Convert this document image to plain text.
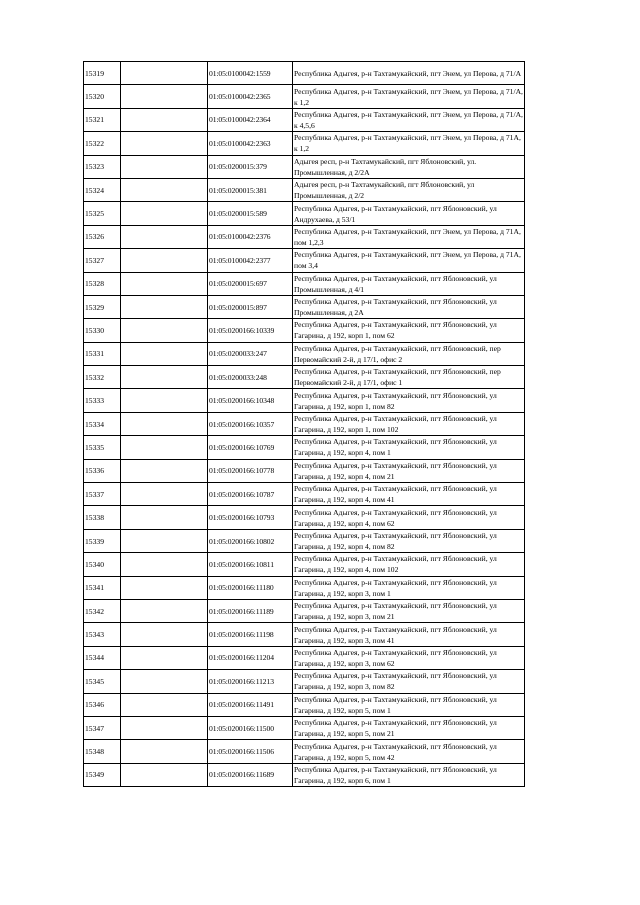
15319		01:05:0100042:1559	Республика Адыгея, р-н Тахтамукайский, пгт Энем, ул Перова, д 71/А
15320		01:05:0100042:2365	Республика Адыгея, р-н Тахтамукайский, пгт Энем, ул Перова, д 71/А, к 1,2
15321		01:05:0100042:2364	Республика Адыгея, р-н Тахтамукайский, пгт Энем, ул Перова, д 71/А, к 4,5,6
15322		01:05:0100042:2363	Республика Адыгея, р-н Тахтамукайский, пгт Энем, ул Перова, д 71А, к 1,2
15323		01:05:0200015:379	Адыгея респ, р-н Тахтамукайский, пгт Яблоновский, ул. Промышленная, д 2/2А
15324		01:05:0200015:381	Адыгея респ, р-н Тахтамукайский, пгт Яблоновский, ул Промышленная, д 2/2
15325		01:05:0200015:589	Республика Адыгея, р-н Тахтамукайский, пгт Яблоновский, ул Андрухаева, д 53/1
15326		01:05:0100042:2376	Республика Адыгея, р-н Тахтамукайский, пгт Энем, ул Перова, д 71А, пом 1,2,3
15327		01:05:0100042:2377	Республика Адыгея, р-н Тахтамукайский, пгт Энем, ул Перова, д 71А, пом 3,4
15328		01:05:0200015:697	Республика Адыгея, р-н Тахтамукайский, пгт Яблоновский, ул Промышленная, д 4/1
15329		01:05:0200015:897	Республика Адыгея, р-н Тахтамукайский, пгт Яблоновский, ул Промышленная, д 2А
15330		01:05:0200166:10339	Республика Адыгея, р-н Тахтамукайский, пгт Яблоновский, ул Гагарина, д 192, корп 1, пом 62
15331		01:05:0200033:247	Республика Адыгея, р-н Тахтамукайский, пгт Яблоновский, пер Первомайский 2-й, д 17/1, офис 2
15332		01:05:0200033:248	Республика Адыгея, р-н Тахтамукайский, пгт Яблоновский, пер Первомайский 2-й, д 17/1, офис 1
15333		01:05:0200166:10348	Республика Адыгея, р-н Тахтамукайский, пгт Яблоновский, ул Гагарина, д 192, корп 1, пом 82
15334		01:05:0200166:10357	Республика Адыгея, р-н Тахтамукайский, пгт Яблоновский, ул Гагарина, д 192, корп 1, пом 102
15335		01:05:0200166:10769	Республика Адыгея, р-н Тахтамукайский, пгт Яблоновский, ул Гагарина, д 192, корп 4, пом 1
15336		01:05:0200166:10778	Республика Адыгея, р-н Тахтамукайский, пгт Яблоновский, ул Гагарина, д 192, корп 4, пом 21
15337		01:05:0200166:10787	Республика Адыгея, р-н Тахтамукайский, пгт Яблоновский, ул Гагарина, д 192, корп 4, пом 41
15338		01:05:0200166:10793	Республика Адыгея, р-н Тахтамукайский, пгт Яблоновский, ул Гагарина, д 192, корп 4, пом 62
15339		01:05:0200166:10802	Республика Адыгея, р-н Тахтамукайский, пгт Яблоновский, ул Гагарина, д 192, корп 4, пом 82
15340		01:05:0200166:10811	Республика Адыгея, р-н Тахтамукайский, пгт Яблоновский, ул Гагарина, д 192, корп 4, пом 102
15341		01:05:0200166:11180	Республика Адыгея, р-н Тахтамукайский, пгт Яблоновский, ул Гагарина, д 192, корп 3, пом 1
15342		01:05:0200166:11189	Республика Адыгея, р-н Тахтамукайский, пгт Яблоновский, ул Гагарина, д 192, корп 3, пом 21
15343		01:05:0200166:11198	Республика Адыгея, р-н Тахтамукайский, пгт Яблоновский, ул Гагарина, д 192, корп 3, пом 41
15344		01:05:0200166:11204	Республика Адыгея, р-н Тахтамукайский, пгт Яблоновский, ул Гагарина, д 192, корп 3, пом 62
15345		01:05:0200166:11213	Республика Адыгея, р-н Тахтамукайский, пгт Яблоновский, ул Гагарина, д 192, корп 3, пом 82
15346		01:05:0200166:11491	Республика Адыгея, р-н Тахтамукайский, пгт Яблоновский, ул Гагарина, д 192, корп 5, пом 1
15347		01:05:0200166:11500	Республика Адыгея, р-н Тахтамукайский, пгт Яблоновский, ул Гагарина, д 192, корп 5, пом 21
15348		01:05:0200166:11506	Республика Адыгея, р-н Тахтамукайский, пгт Яблоновский, ул Гагарина, д 192, корп 5, пом 42
15349		01:05:0200166:11689	Республика Адыгея, р-н Тахтамукайский, пгт Яблоновский, ул Гагарина, д 192, корп 6, пом 1
